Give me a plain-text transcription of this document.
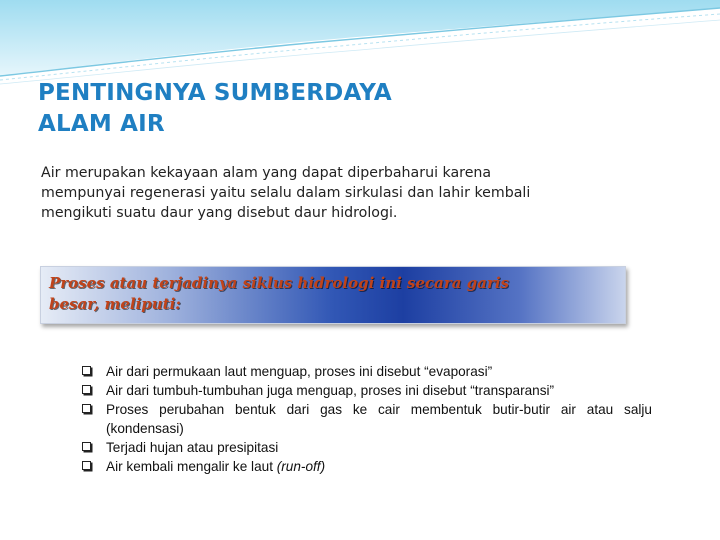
PENTINGNYA SUMBERDAYA
ALAM AIR

Air merupakan kekayaan alam yang dapat diperbaharui karena
mempunyai regenerasi yaitu selalu dalam sirkulasi dan lahir kembali
mengikuti suatu daur yang disebut daur hidrologi.

Proses atau terjadinya siklus hidrologi ini secara garis
besar, meliputi:

Air dari permukaan laut menguap, proses ini disebut “evaporasi”
Air dari tumbuh-tumbuhan juga menguap, proses ini disebut “transparansi”
Proses perubahan bentuk dari gas ke cair membentuk butir-butir air atau salju (kondensasi)
Terjadi hujan atau presipitasi
Air kembali mengalir ke laut (run-off)
